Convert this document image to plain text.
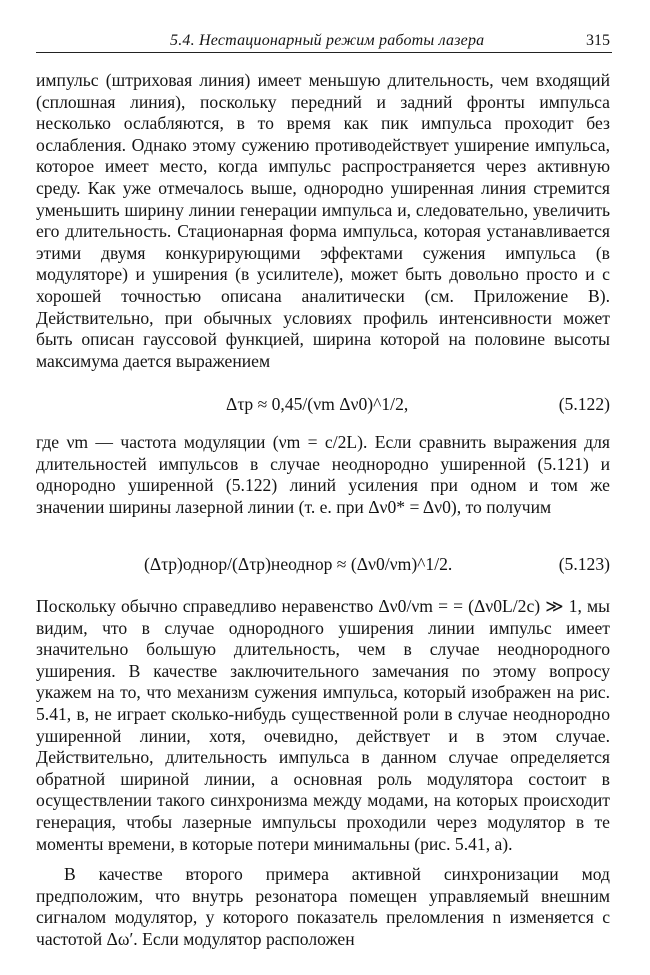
5.4. Нестационарный режим работы лазера	315

импульс (штриховая линия) имеет меньшую длительность, чем входящий (сплошная линия), поскольку передний и задний фронты импульса несколько ослабляются, в то время как пик импульса проходит без ослабления. Однако этому сужению противодействует уширение импульса, которое имеет место, когда импульс распространяется через активную среду. Как уже отмечалось выше, однородно уширенная линия стремится уменьшить ширину линии генерации импульса и, следовательно, увеличить его длительность. Стационарная форма импульса, которая устанавливается этими двумя конкурирующими эффектами сужения импульса (в модуляторе) и уширения (в усилителе), может быть довольно просто и с хорошей точностью описана аналитически (см. Приложение В). Действительно, при обычных условиях профиль интенсивности может быть описан гауссовой функцией, ширина которой на половине высоты максимума дается выражением

Δτp ≈ 0,45/(νm Δν0)^1/2,	(5.122)

где νm — частота модуляции (νm = c/2L). Если сравнить выражения для длительностей импульсов в случае неоднородно уширенной (5.121) и однородно уширенной (5.122) линий усиления при одном и том же значении ширины лазерной линии (т. е. при Δν0* = Δν0), то получим

(Δτp)однор/(Δτp)неоднор ≈ (Δν0/νm)^1/2.	(5.123)

Поскольку обычно справедливо неравенство Δν0/νm = = (Δν0L/2c) ≫ 1, мы видим, что в случае однородного уширения линии импульс имеет значительно большую длительность, чем в случае неоднородного уширения. В качестве заключительного замечания по этому вопросу укажем на то, что механизм сужения импульса, который изображен на рис. 5.41, в, не играет сколько-нибудь существенной роли в случае неоднородно уширенной линии, хотя, очевидно, действует и в этом случае. Действительно, длительность импульса в данном случае определяется обратной шириной линии, а основная роль модулятора состоит в осуществлении такого синхронизма между модами, на которых происходит генерация, чтобы лазерные импульсы проходили через модулятор в те моменты времени, в которые потери минимальны (рис. 5.41, а).

В качестве второго примера активной синхронизации мод предположим, что внутрь резонатора помещен управляемый внешним сигналом модулятор, у которого показатель преломления n изменяется с частотой Δω′. Если модулятор расположен
